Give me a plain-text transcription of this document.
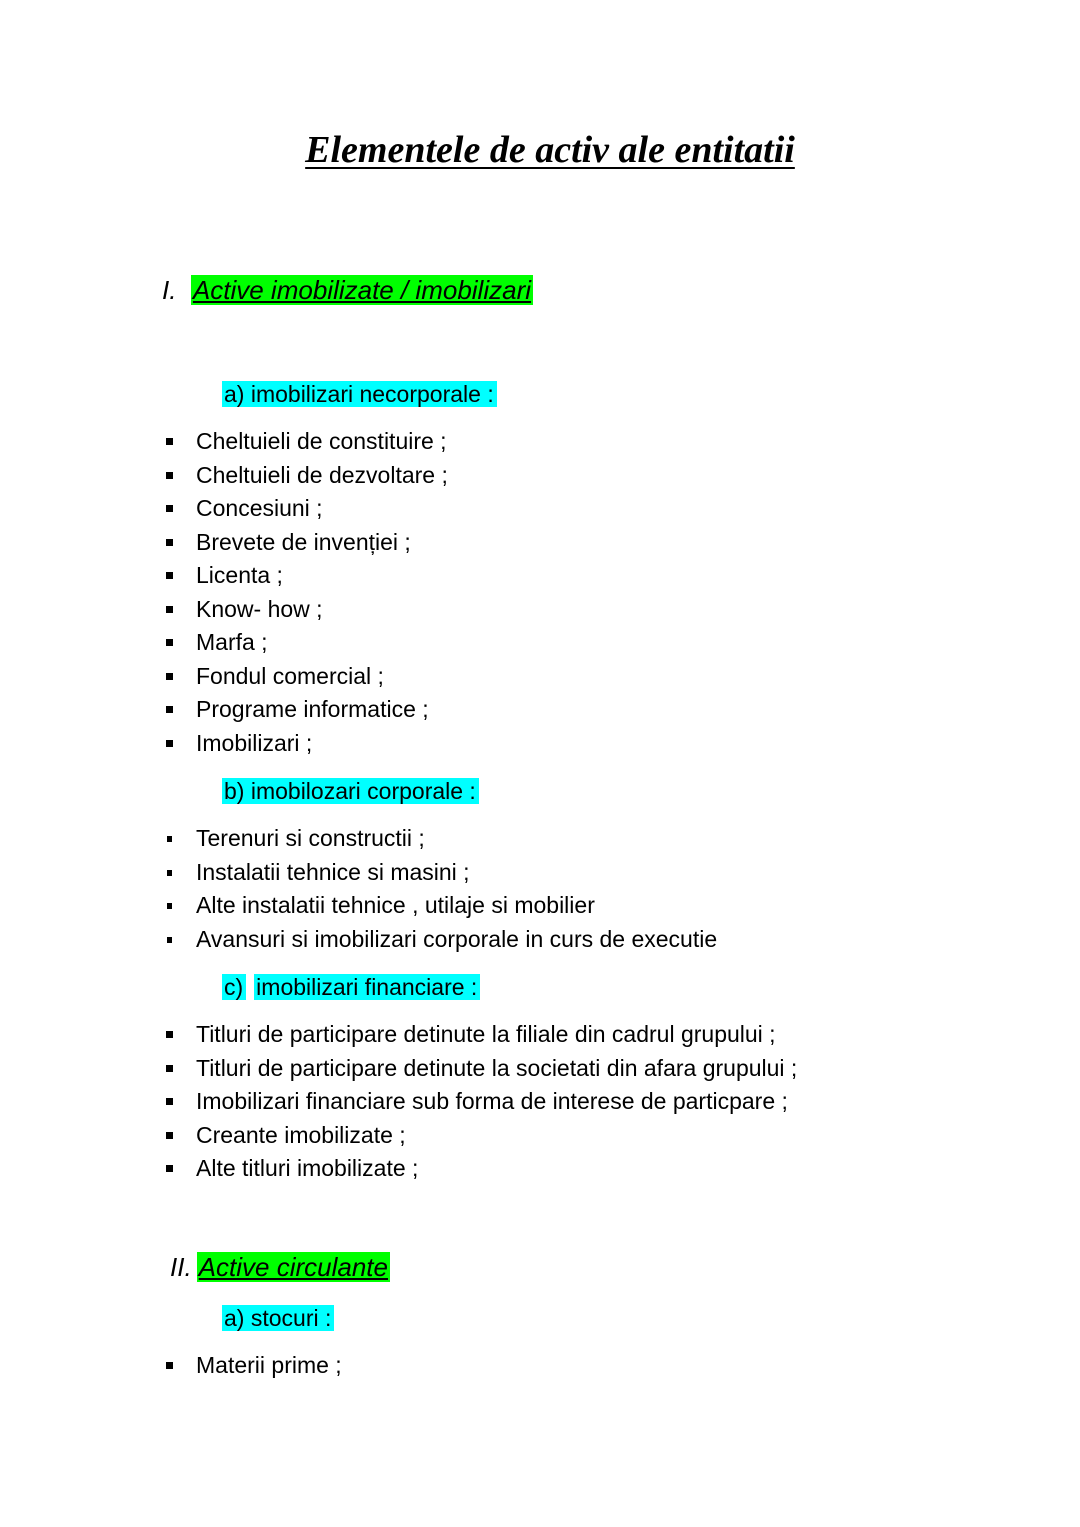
Elementele de activ ale entitatii
I. Active imobilizate / imobilizari
a) imobilizari necorporale :
Cheltuieli de constituire ;
Cheltuieli de dezvoltare ;
Concesiuni ;
Brevete de invenției ;
Licenta ;
Know- how ;
Marfa ;
Fondul comercial ;
Programe informatice ;
Imobilizari ;
b) imobilozari corporale :
Terenuri si constructii ;
Instalatii tehnice si masini ;
Alte instalatii tehnice , utilaje si mobilier
Avansuri si imobilizari corporale in curs de executie
c) imobilizari financiare :
Titluri de participare detinute la filiale din cadrul grupului ;
Titluri de participare detinute la societati din afara grupului ;
Imobilizari financiare sub forma de interese de particpare ;
Creante imobilizate ;
Alte titluri imobilizate ;
II. Active circulante
a) stocuri :
Materii prime ;
